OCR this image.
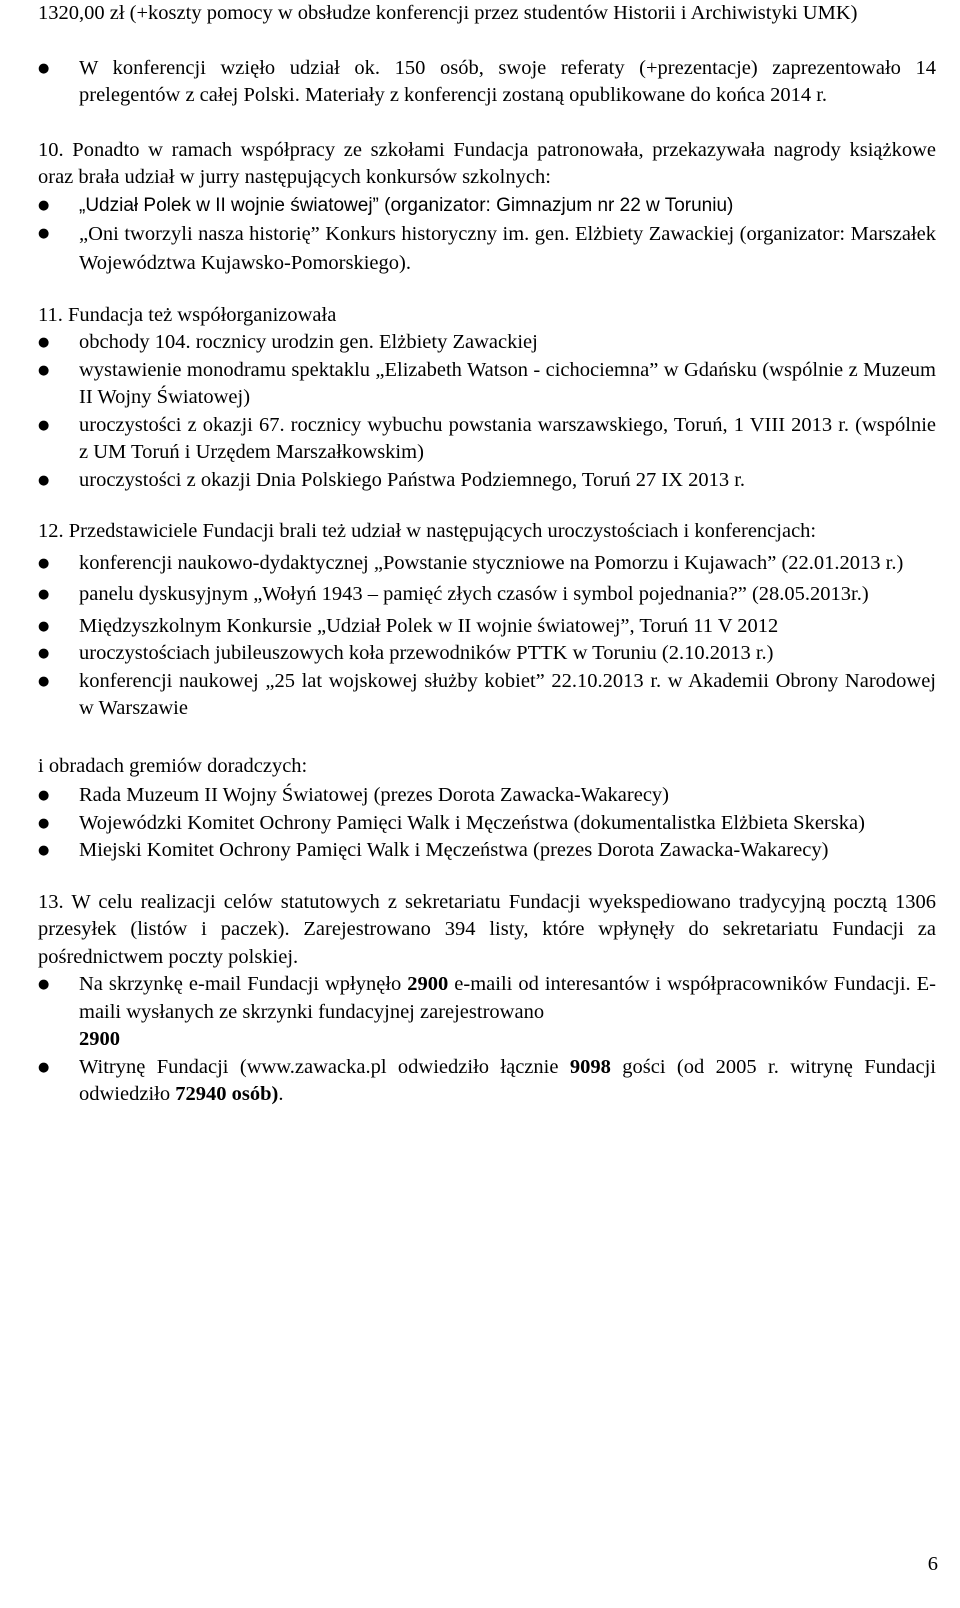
1320,00 zł (+koszty pomocy w obsłudze konferencji przez studentów Historii i Archiwistyki UMK)

● W konferencji wzięło udział ok. 150 osób, swoje referaty (+prezentacje) zaprezentowało 14 prelegentów z całej Polski. Materiały z konferencji zostaną opublikowane do końca 2014 r.

10. Ponadto w ramach współpracy ze szkołami Fundacja patronowała, przekazywała nagrody książkowe oraz brała udział w jurry następujących konkursów szkolnych:

● „Udział Polek w II wojnie światowej” (organizator: Gimnazjum nr 22 w Toruniu)
● „Oni tworzyli nasza historię” Konkurs historyczny im. gen. Elżbiety Zawackiej (organizator: Marszałek Województwa Kujawsko-Pomorskiego).

11. Fundacja też współorganizowała

● obchody 104. rocznicy urodzin gen. Elżbiety Zawackiej
● wystawienie monodramu spektaklu „Elizabeth Watson - cichociemna” w Gdańsku (wspólnie z Muzeum II Wojny Światowej)
● uroczystości z okazji 67. rocznicy wybuchu powstania warszawskiego, Toruń, 1 VIII 2013 r. (wspólnie z UM Toruń i Urzędem Marszałkowskim)
● uroczystości z okazji Dnia Polskiego Państwa Podziemnego, Toruń 27 IX 2013 r.

12. Przedstawiciele Fundacji brali też udział w następujących uroczystościach i konferencjach:

● konferencji naukowo-dydaktycznej „Powstanie styczniowe na Pomorzu i Kujawach” (22.01.2013 r.)
● panelu dyskusyjnym „Wołyń 1943 – pamięć złych czasów i symbol pojednania?” (28.05.2013r.)
● Międzyszkolnym Konkursie „Udział Polek w II wojnie światowej”, Toruń 11 V 2012
● uroczystościach jubileuszowych koła przewodników PTTK w Toruniu (2.10.2013 r.)
● konferencji naukowej „25 lat wojskowej służby kobiet” 22.10.2013 r. w Akademii Obrony Narodowej w Warszawie

i obradach gremiów doradczych:

● Rada Muzeum II Wojny Światowej (prezes Dorota Zawacka-Wakarecy)
● Wojewódzki Komitet Ochrony Pamięci Walk i Męczeństwa (dokumentalistka Elżbieta Skerska)
● Miejski Komitet Ochrony Pamięci Walk i Męczeństwa (prezes Dorota Zawacka-Wakarecy)

13. W celu realizacji celów statutowych z sekretariatu Fundacji wyekspediowano tradycyjną pocztą 1306 przesyłek (listów i paczek). Zarejestrowano 394 listy, które wpłynęły do sekretariatu Fundacji za pośrednictwem poczty polskiej.

● Na skrzynkę e-mail Fundacji wpłynęło 2900 e-maili od interesantów i współpracowników Fundacji. E-maili wysłanych ze skrzynki fundacyjnej zarejestrowano
2900
● Witrynę Fundacji (www.zawacka.pl odwiedziło łącznie 9098 gości (od 2005 r. witrynę Fundacji odwiedziło 72940 osób).
6
